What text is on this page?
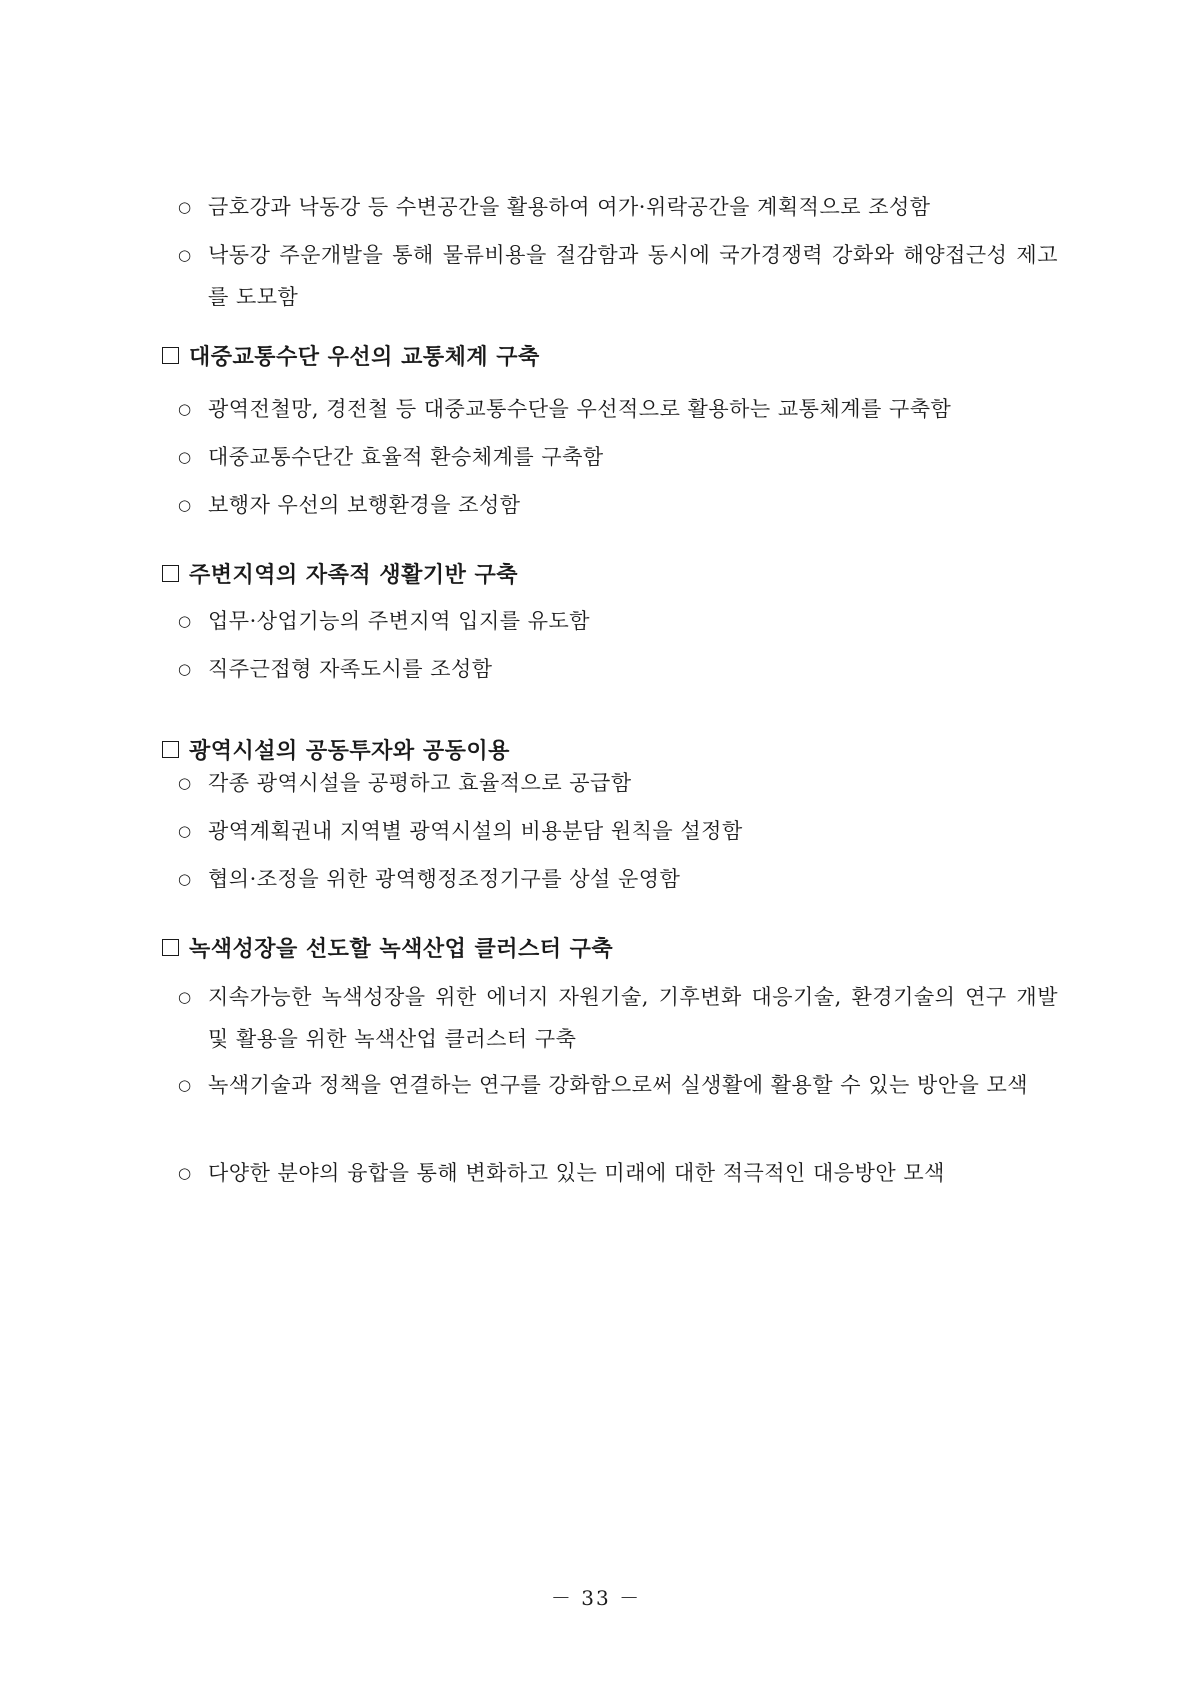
○ 금호강과 낙동강 등 수변공간을 활용하여 여가·위락공간을 계획적으로 조성함
○ 낙동강 주운개발을 통해 물류비용을 절감함과 동시에 국가경쟁력 강화와 해양접근성 제고를 도모함
대중교통수단 우선의 교통체계 구축
○ 광역전철망, 경전철 등 대중교통수단을 우선적으로 활용하는 교통체계를 구축함
○ 대중교통수단간 효율적 환승체계를 구축함
○ 보행자 우선의 보행환경을 조성함
주변지역의 자족적 생활기반 구축
○ 업무·상업기능의 주변지역 입지를 유도함
○ 직주근접형 자족도시를 조성함
광역시설의 공동투자와 공동이용
○ 각종 광역시설을 공평하고 효율적으로 공급함
○ 광역계획권내 지역별 광역시설의 비용분담 원칙을 설정함
○ 협의·조정을 위한 광역행정조정기구를 상설 운영함
녹색성장을 선도할 녹색산업 클러스터 구축
○ 지속가능한 녹색성장을 위한 에너지 자원기술, 기후변화 대응기술, 환경기술의 연구 개발 및 활용을 위한 녹색산업 클러스터 구축
○ 녹색기술과 정책을 연결하는 연구를 강화함으로써 실생활에 활용할 수 있는 방안을 모색
○ 다양한 분야의 융합을 통해 변화하고 있는 미래에 대한 적극적인 대응방안 모색
－ 33 －
